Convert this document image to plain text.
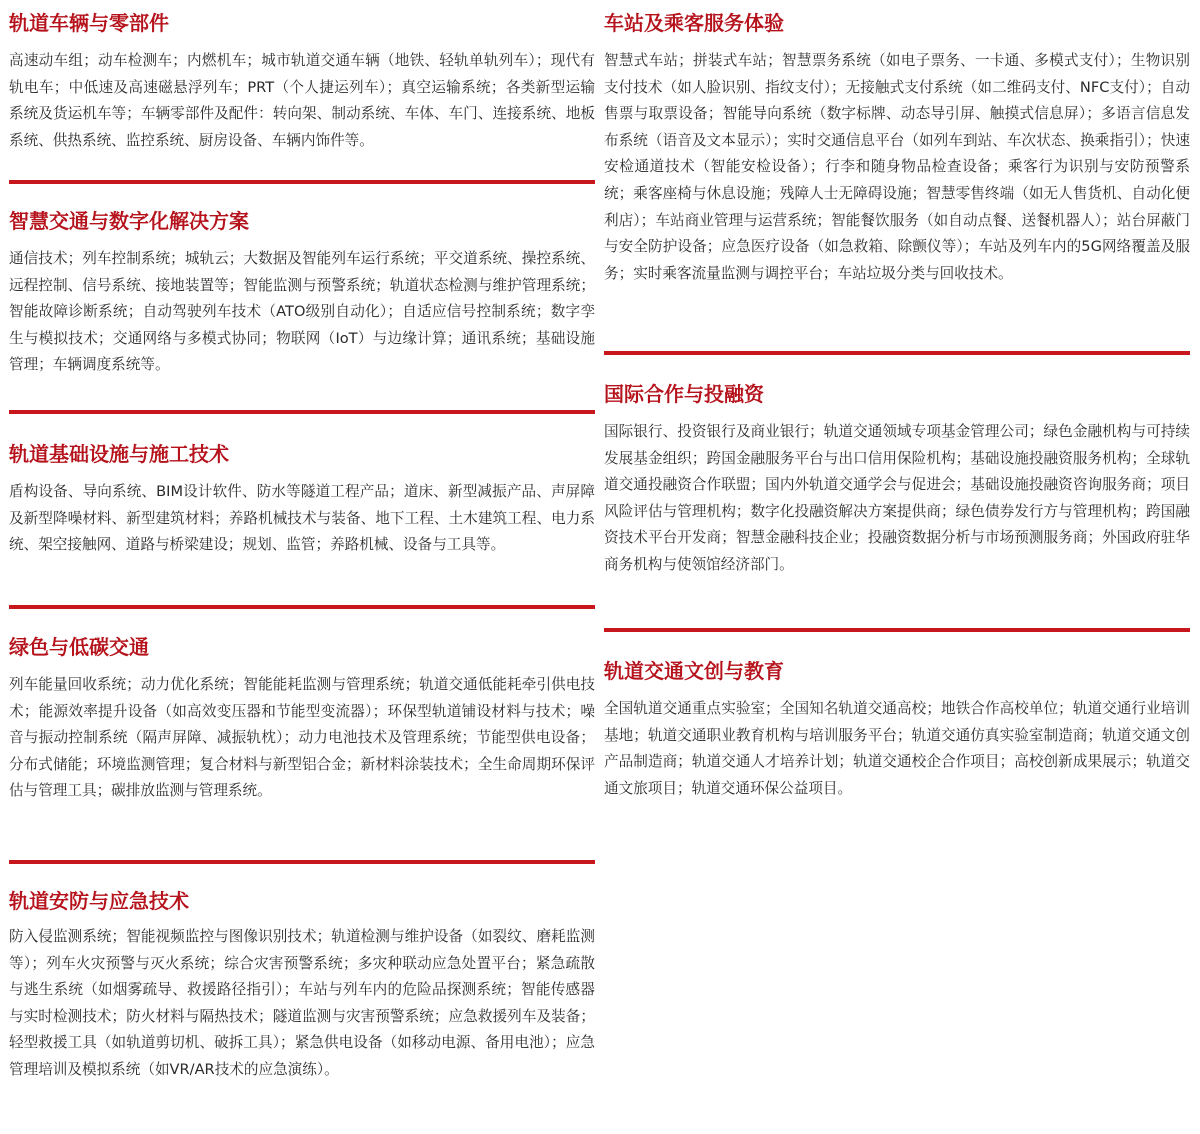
轨道车辆与零部件

高速动车组；动车检测车；内燃机车；城市轨道交通车辆（地铁、轻轨单轨列车）；现代有轨电车；中低速及高速磁悬浮列车；PRT（个人捷运列车）；真空运输系统；各类新型运输系统及货运机车等；车辆零部件及配件：转向架、制动系统、车体、车门、连接系统、地板系统、供热系统、监控系统、厨房设备、车辆内饰件等。

智慧交通与数字化解决方案

通信技术；列车控制系统；城轨云；大数据及智能列车运行系统；平交道系统、操控系统、远程控制、信号系统、接地装置等；智能监测与预警系统；轨道状态检测与维护管理系统；智能故障诊断系统；自动驾驶列车技术（ATO级别自动化）；自适应信号控制系统；数字孪生与模拟技术；交通网络与多模式协同；物联网（IoT）与边缘计算；通讯系统；基础设施管理；车辆调度系统等。

轨道基础设施与施工技术

盾构设备、导向系统、BIM设计软件、防水等隧道工程产品；道床、新型减振产品、声屏障及新型降噪材料、新型建筑材料；养路机械技术与装备、地下工程、土木建筑工程、电力系统、架空接触网、道路与桥梁建设；规划、监管；养路机械、设备与工具等。

绿色与低碳交通

列车能量回收系统；动力优化系统；智能能耗监测与管理系统；轨道交通低能耗牵引供电技术；能源效率提升设备（如高效变压器和节能型变流器）；环保型轨道铺设材料与技术；噪音与振动控制系统（隔声屏障、减振轨枕）；动力电池技术及管理系统；节能型供电设备；分布式储能；环境监测管理；复合材料与新型铝合金；新材料涂装技术；全生命周期环保评估与管理工具；碳排放监测与管理系统。

轨道安防与应急技术

防入侵监测系统；智能视频监控与图像识别技术；轨道检测与维护设备（如裂纹、磨耗监测等）；列车火灾预警与灭火系统；综合灾害预警系统；多灾种联动应急处置平台；紧急疏散与逃生系统（如烟雾疏导、救援路径指引）；车站与列车内的危险品探测系统；智能传感器与实时检测技术；防火材料与隔热技术；隧道监测与灾害预警系统；应急救援列车及装备；轻型救援工具（如轨道剪切机、破拆工具）；紧急供电设备（如移动电源、备用电池）；应急管理培训及模拟系统（如VR/AR技术的应急演练）。

车站及乘客服务体验

智慧式车站；拼装式车站；智慧票务系统（如电子票务、一卡通、多模式支付）；生物识别支付技术（如人脸识别、指纹支付）；无接触式支付系统（如二维码支付、NFC支付）；自动售票与取票设备；智能导向系统（数字标牌、动态导引屏、触摸式信息屏）；多语言信息发布系统（语音及文本显示）；实时交通信息平台（如列车到站、车次状态、换乘指引）；快速安检通道技术（智能安检设备）；行李和随身物品检查设备；乘客行为识别与安防预警系统；乘客座椅与休息设施；残障人士无障碍设施；智慧零售终端（如无人售货机、自动化便利店）；车站商业管理与运营系统；智能餐饮服务（如自动点餐、送餐机器人）；站台屏蔽门与安全防护设备；应急医疗设备（如急救箱、除颤仪等）；车站及列车内的5G网络覆盖及服务；实时乘客流量监测与调控平台；车站垃圾分类与回收技术。

国际合作与投融资

国际银行、投资银行及商业银行；轨道交通领域专项基金管理公司；绿色金融机构与可持续发展基金组织；跨国金融服务平台与出口信用保险机构；基础设施投融资服务机构；全球轨道交通投融资合作联盟；国内外轨道交通学会与促进会；基础设施投融资咨询服务商；项目风险评估与管理机构；数字化投融资解决方案提供商；绿色债券发行方与管理机构；跨国融资技术平台开发商；智慧金融科技企业；投融资数据分析与市场预测服务商；外国政府驻华商务机构与使领馆经济部门。

轨道交通文创与教育

全国轨道交通重点实验室；全国知名轨道交通高校；地铁合作高校单位；轨道交通行业培训基地；轨道交通职业教育机构与培训服务平台；轨道交通仿真实验室制造商；轨道交通文创产品制造商；轨道交通人才培养计划；轨道交通校企合作项目；高校创新成果展示；轨道交通文旅项目；轨道交通环保公益项目。
